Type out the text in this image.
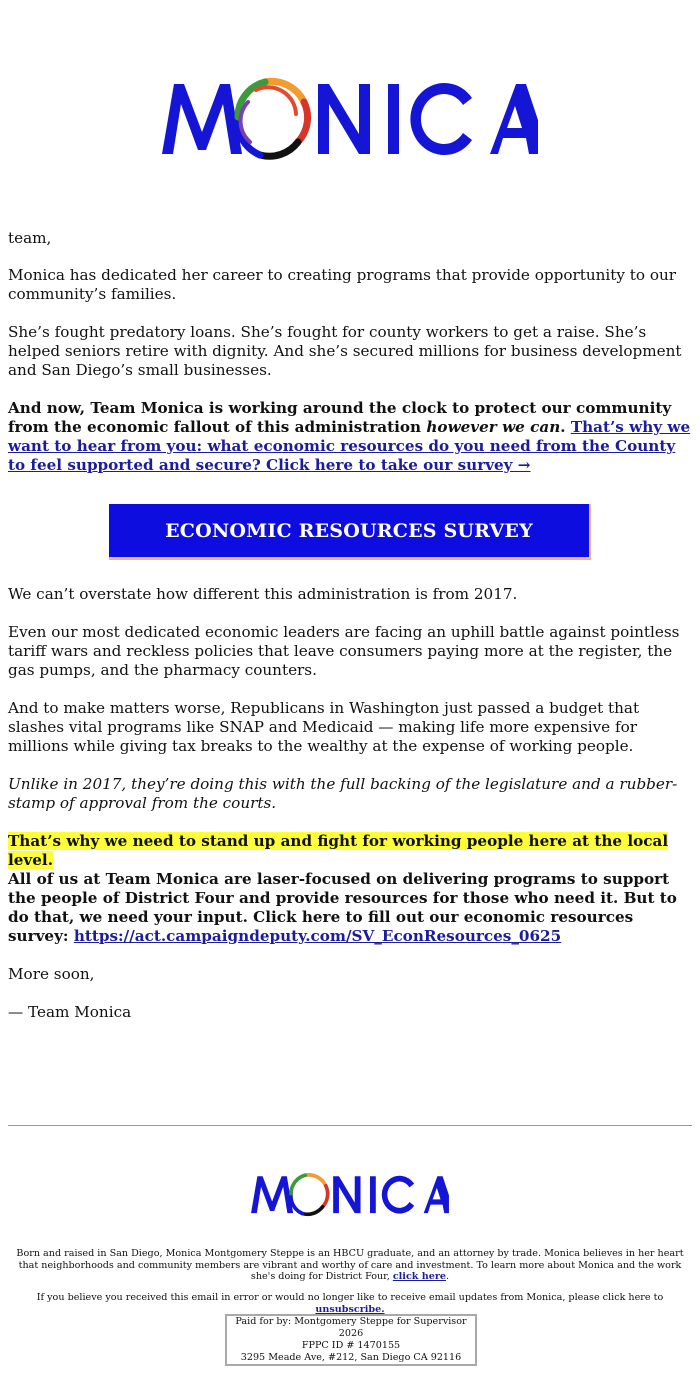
team,

Monica has dedicated her career to creating programs that provide opportunity to our community’s families.

She’s fought predatory loans. She’s fought for county workers to get a raise. She’s helped seniors retire with dignity. And she’s secured millions for business development and San Diego’s small businesses.

And now, Team Monica is working around the clock to protect our community from the economic fallout of this administration however we can. That’s why we want to hear from you: what economic resources do you need from the County to feel supported and secure? Click here to take our survey →

ECONOMIC RESOURCES SURVEY

We can’t overstate how different this administration is from 2017.

Even our most dedicated economic leaders are facing an uphill battle against pointless tariff wars and reckless policies that leave consumers paying more at the register, the gas pumps, and the pharmacy counters.

And to make matters worse, Republicans in Washington just passed a budget that slashes vital programs like SNAP and Medicaid — making life more expensive for millions while giving tax breaks to the wealthy at the expense of working people.

Unlike in 2017, they’re doing this with the full backing of the legislature and a rubber-stamp of approval from the courts.

That’s why we need to stand up and fight for working people here at the local level.

All of us at Team Monica are laser-focused on delivering programs to support the people of District Four and provide resources for those who need it. But to do that, we need your input. Click here to fill out our economic resources survey: https://act.campaigndeputy.com/SV_EconResources_0625

More soon,

— Team Monica

Born and raised in San Diego, Monica Montgomery Steppe is an HBCU graduate, and an attorney by trade. Monica believes in her heart that neighborhoods and community members are vibrant and worthy of care and investment. To learn more about Monica and the work she's doing for District Four, click here.
If you believe you received this email in error or would no longer like to receive email updates from Monica, please click here to unsubscribe.
Paid for by: Montgomery Steppe for Supervisor 2026
FPPC ID # 1470155
3295 Meade Ave, #212, San Diego CA 92116
